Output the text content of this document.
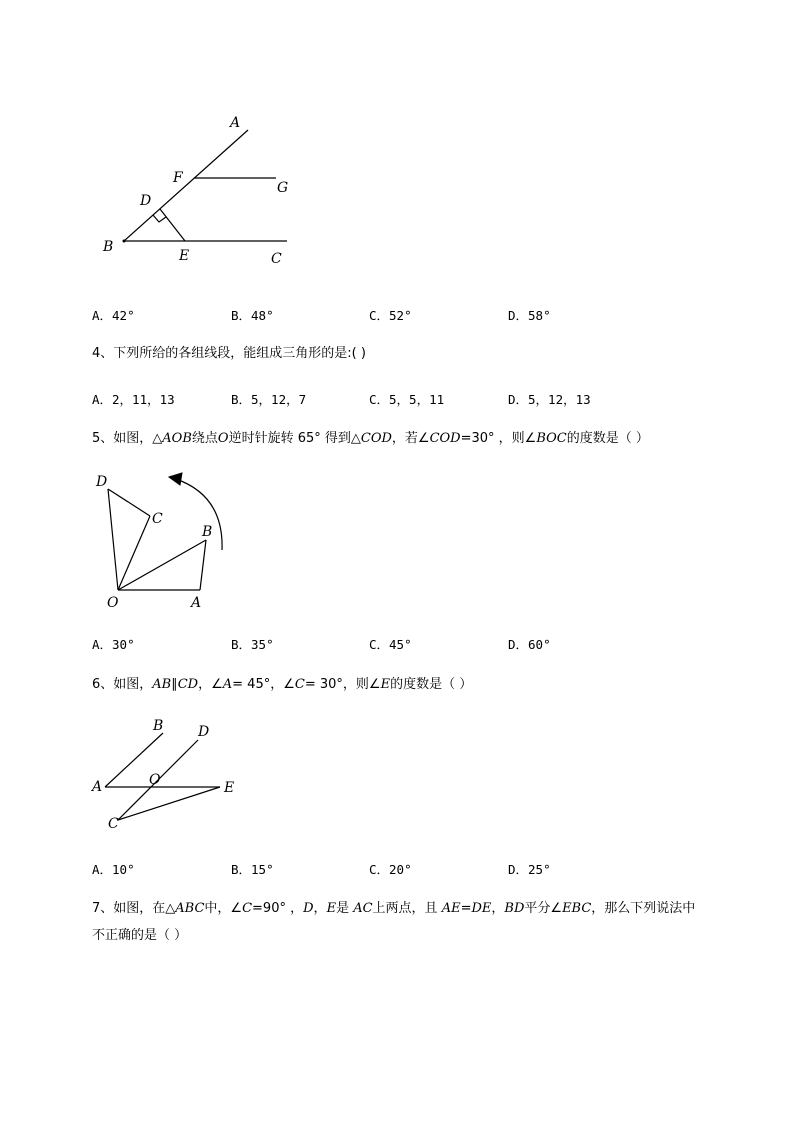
A
F
G
D
B
E	C
A．42°	B．48°	C．52°	D．58°
4、下列所给的各组线段，能组成三角形的是:( )
A．2，11，13	B．5，12，7	C．5，5，11	D．5，12，13
5、如图，△AOB绕点O逆时针旋转 65° 得到△COD，若∠COD=30° ，则∠BOC的度数是（ ）
D
C
B
O	A
A．30°	B．35°	C．45°	D．60°
6、如图，AB∥CD，∠A= 45°，∠C= 30°，则∠E的度数是（ ）
B D
A	O	E
C
A．10°	B．15°	C．20°	D．25°
7、如图，在△ABC中，∠C=90° ，D，E是 AC上两点，且 AE=DE，BD平分∠EBC，那么下列说法中
不正确的是（ ）
